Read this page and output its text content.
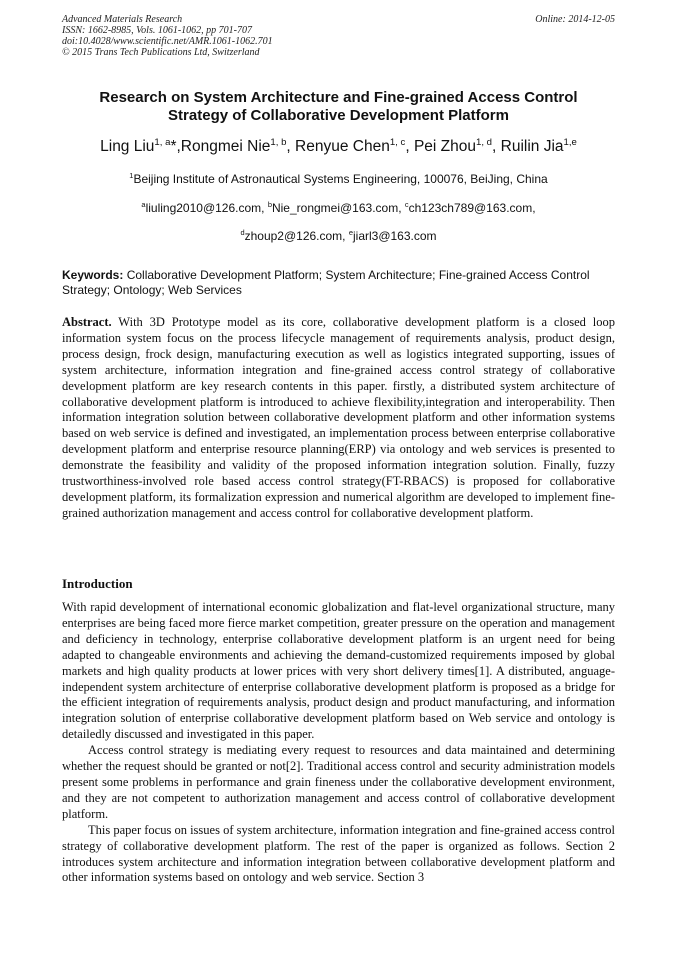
Advanced Materials Research
ISSN: 1662-8985, Vols. 1061-1062, pp 701-707
doi:10.4028/www.scientific.net/AMR.1061-1062.701
© 2015 Trans Tech Publications Ltd, Switzerland
Online: 2014-12-05
Research on System Architecture and Fine-grained Access Control
Strategy of Collaborative Development Platform
Ling Liu$^{1, a}$*,Rongmei Nie$^{1, b}$, Renyue Chen$^{1, c}$, Pei Zhou$^{1, d}$, Ruilin Jia$^{1,e}$
$^1$Beijing Institute of Astronautical Systems Engineering, 100076, BeiJing, China
$^a$liuling2010@126.com, $^b$Nie_rongmei@163.com, $^c$ch123ch789@163.com,
$^d$zhoup2@126.com, $^e$jiarl3@163.com
Keywords: Collaborative Development Platform; System Architecture; Fine-grained Access Control Strategy; Ontology; Web Services
Abstract. With 3D Prototype model as its core, collaborative development platform is a closed loop information system focus on the process lifecycle management of requirements analysis, product design, process design, frock design, manufacturing execution as well as logistics integrated supporting, issues of system architecture, information integration and fine-grained access control strategy of collaborative development platform are key research contents in this paper. firstly, a distributed system architecture of collaborative development platform is introduced to achieve flexibility,integration and interoperability. Then information integration solution between collaborative development platform and other information systems based on web service is defined and investigated, an implementation process between enterprise collaborative development platform and enterprise resource planning(ERP) via ontology and web services is presented to demonstrate the feasibility and validity of the proposed information integration solution. Finally, fuzzy trustworthiness-involved role based access control strategy(FT-RBACS) is proposed for collaborative development platform, its formalization expression and numerical algorithm are developed to implement fine-grained authorization management and access control for collaborative development platform.
Introduction

With rapid development of international economic globalization and flat-level organizational structure, many enterprises are being faced more fierce market competition, greater pressure on the operation and management and deficiency in technology, enterprise collaborative development platform is an urgent need for being adapted to changeable environments and achieving the demand-customized requirements imposed by global markets and high quality products at lower prices with very short delivery times[1]. A distributed, anguage-independent system architecture of enterprise collaborative development platform is proposed as a bridge for the efficient integration of requirements analysis, product design and product manufacturing, and information integration solution of enterprise collaborative development platform based on Web service and ontology is detailedly discussed and investigated in this paper.

Access control strategy is mediating every request to resources and data maintained and determining whether the request should be granted or not[2]. Traditional access control and security administration models present some problems in performance and grain fineness under the collaborative development environment, and they are not competent to authorization management and access control of collaborative development platform.

This paper focus on issues of system architecture, information integration and fine-grained access control strategy of collaborative development platform. The rest of the paper is organized as follows. Section 2 introduces system architecture and information integration between collaborative development platform and other information systems based on ontology and web service. Section 3
